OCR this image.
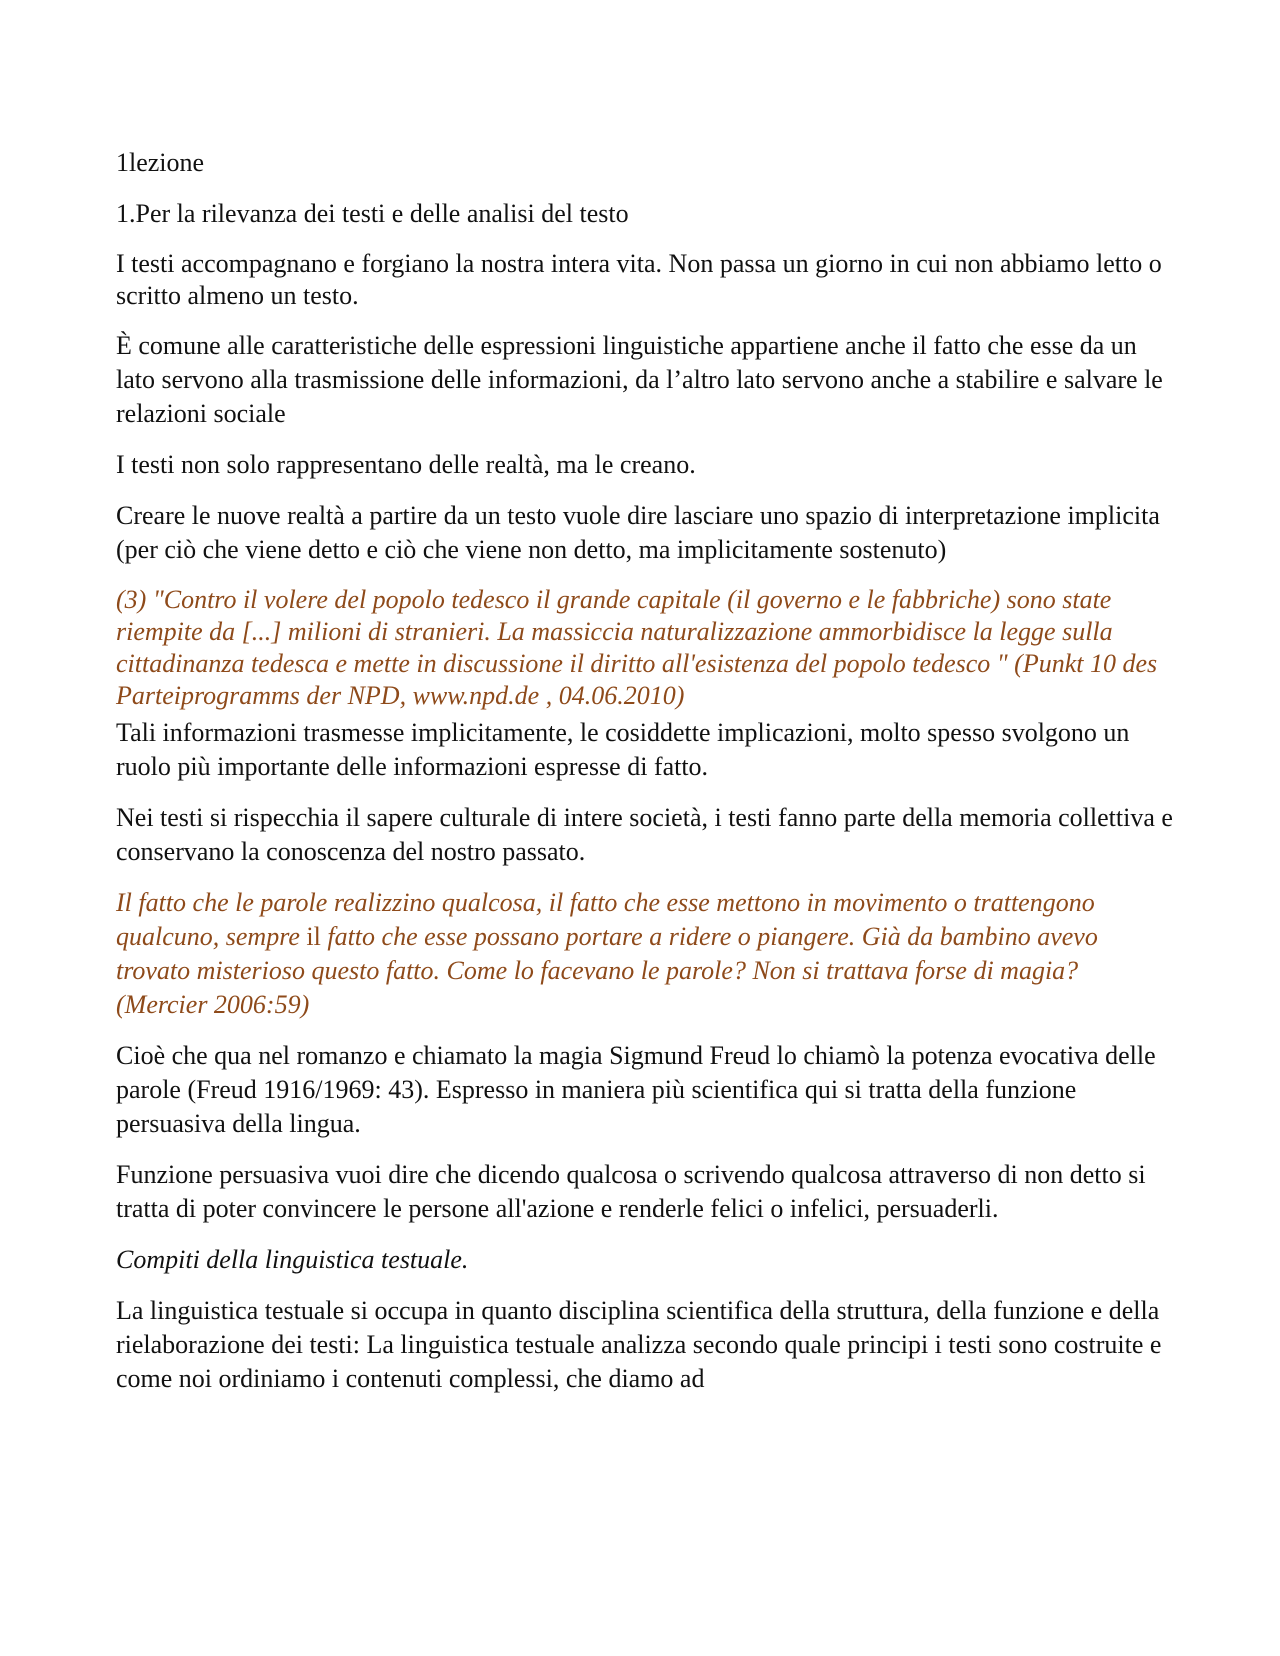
1lezione

1.Per la rilevanza dei testi e delle analisi del testo

I testi accompagnano e forgiano la nostra intera vita. Non passa un giorno in cui non abbiamo letto o scritto almeno un testo.

È comune alle caratteristiche delle espressioni linguistiche appartiene anche il fatto che esse da un lato servono alla trasmissione delle informazioni, da l’altro lato servono anche a stabilire e salvare le relazioni sociale

I testi non solo rappresentano delle realtà, ma le creano.

Creare le nuove realtà a partire da un testo vuole dire lasciare uno spazio di interpretazione implicita (per ciò che viene detto e ciò che viene non detto, ma implicitamente sostenuto)

(3) "Contro il volere del popolo tedesco il grande capitale (il governo e le fabbriche) sono state riempite da [...] milioni di stranieri. La massiccia naturalizzazione ammorbidisce la legge sulla cittadinanza tedesca e mette in discussione il diritto all'esistenza del popolo tedesco " (Punkt 10 des Parteiprogramms der NPD, www.npd.de , 04.06.2010)

Tali informazioni trasmesse implicitamente, le cosiddette implicazioni, molto spesso svolgono un ruolo più importante delle informazioni espresse di fatto.

Nei testi si rispecchia il sapere culturale di intere società, i testi fanno parte della memoria collettiva e conservano la conoscenza del nostro passato.

Il fatto che le parole realizzino qualcosa, il fatto che esse mettono in movimento o trattengono qualcuno, sempre il fatto che esse possano portare a ridere o piangere. Già da bambino avevo trovato misterioso questo fatto. Come lo facevano le parole? Non si trattava forse di magia? (Mercier 2006:59)

Cioè che qua nel romanzo e chiamato la magia Sigmund Freud lo chiamò la potenza evocativa delle parole (Freud 1916/1969: 43). Espresso in maniera più scientifica qui si tratta della funzione persuasiva della lingua.

Funzione persuasiva vuoi dire che dicendo qualcosa o scrivendo qualcosa attraverso di non detto si tratta di poter convincere le persone all'azione e renderle felici o infelici, persuaderli.

Compiti della linguistica testuale.

La linguistica testuale si occupa in quanto disciplina scientifica della struttura, della funzione e della rielaborazione dei testi: La linguistica testuale analizza secondo quale principi i testi sono costruite e come noi ordiniamo i contenuti complessi, che diamo ad
